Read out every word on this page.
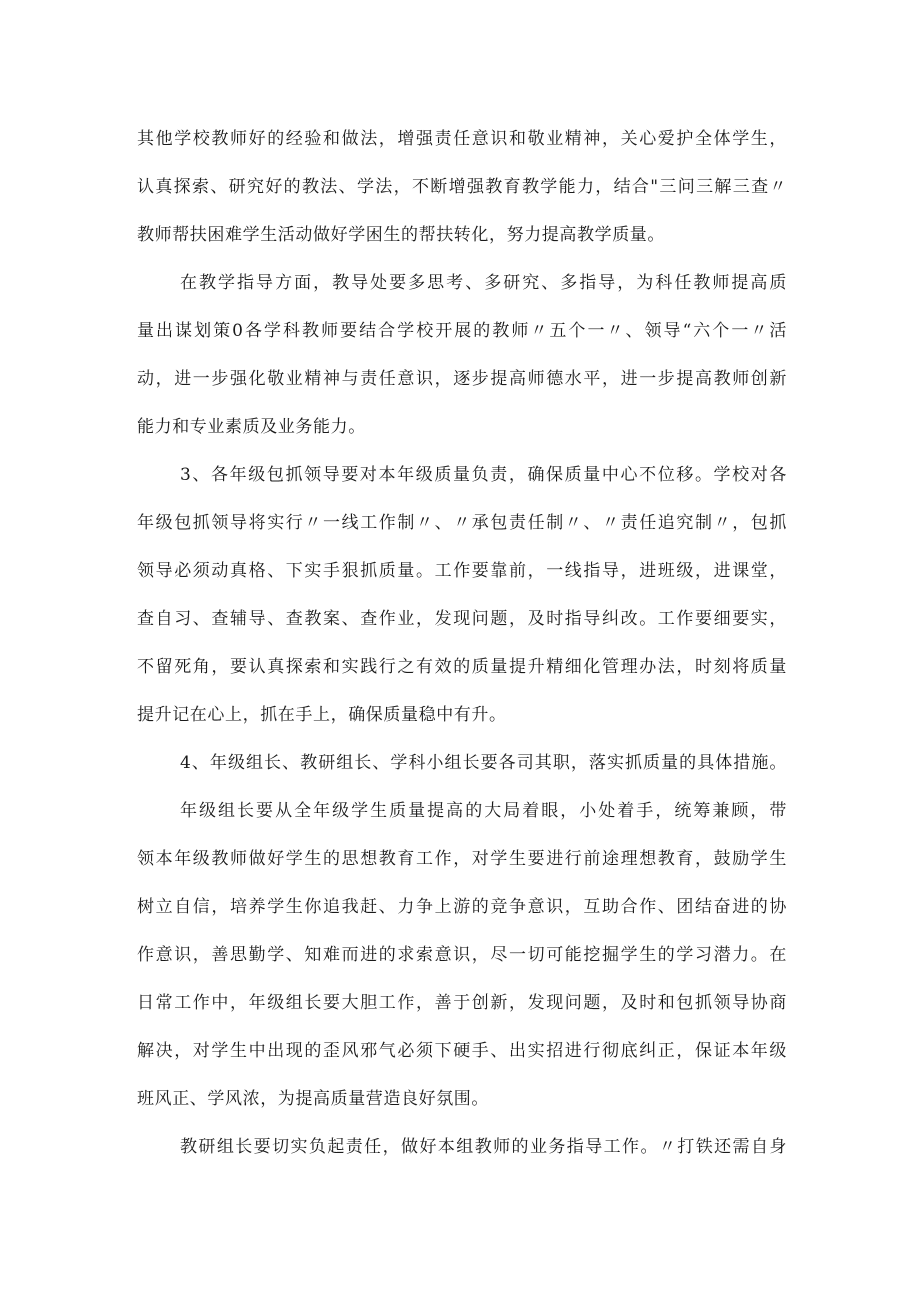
其他学校教师好的经验和做法，增强责任意识和敬业精神，关心爱护全体学生，
认真探索、研究好的教法、学法，不断增强教育教学能力，结合"三问三解三查〃
教师帮扶困难学生活动做好学困生的帮扶转化，努力提高教学质量。
在教学指导方面，教导处要多思考、多研究、多指导，为科任教师提高质
量出谋划策0各学科教师要结合学校开展的教师〃五个一〃、领导“六个一〃活
动，进一步强化敬业精神与责任意识，逐步提高师德水平，进一步提高教师创新
能力和专业素质及业务能力。
3、各年级包抓领导要对本年级质量负责，确保质量中心不位移。学校对各
年级包抓领导将实行〃一线工作制〃、〃承包责任制〃、〃责任追究制〃，包抓
领导必须动真格、下实手狠抓质量。工作要靠前，一线指导，进班级，进课堂，
查自习、查辅导、查教案、查作业，发现问题，及时指导纠改。工作要细要实，
不留死角，要认真探索和实践行之有效的质量提升精细化管理办法，时刻将质量
提升记在心上，抓在手上，确保质量稳中有升。
4、年级组长、教研组长、学科小组长要各司其职，落实抓质量的具体措施。
年级组长要从全年级学生质量提高的大局着眼，小处着手，统筹兼顾，带
领本年级教师做好学生的思想教育工作，对学生要进行前途理想教育，鼓励学生
树立自信，培养学生你追我赶、力争上游的竞争意识，互助合作、团结奋进的协
作意识，善思勤学、知难而进的求索意识，尽一切可能挖掘学生的学习潜力。在
日常工作中，年级组长要大胆工作，善于创新，发现问题，及时和包抓领导协商
解决，对学生中出现的歪风邪气必须下硬手、出实招进行彻底纠正，保证本年级
班风正、学风浓，为提高质量营造良好氛围。
教研组长要切实负起责任，做好本组教师的业务指导工作。〃打铁还需自身
